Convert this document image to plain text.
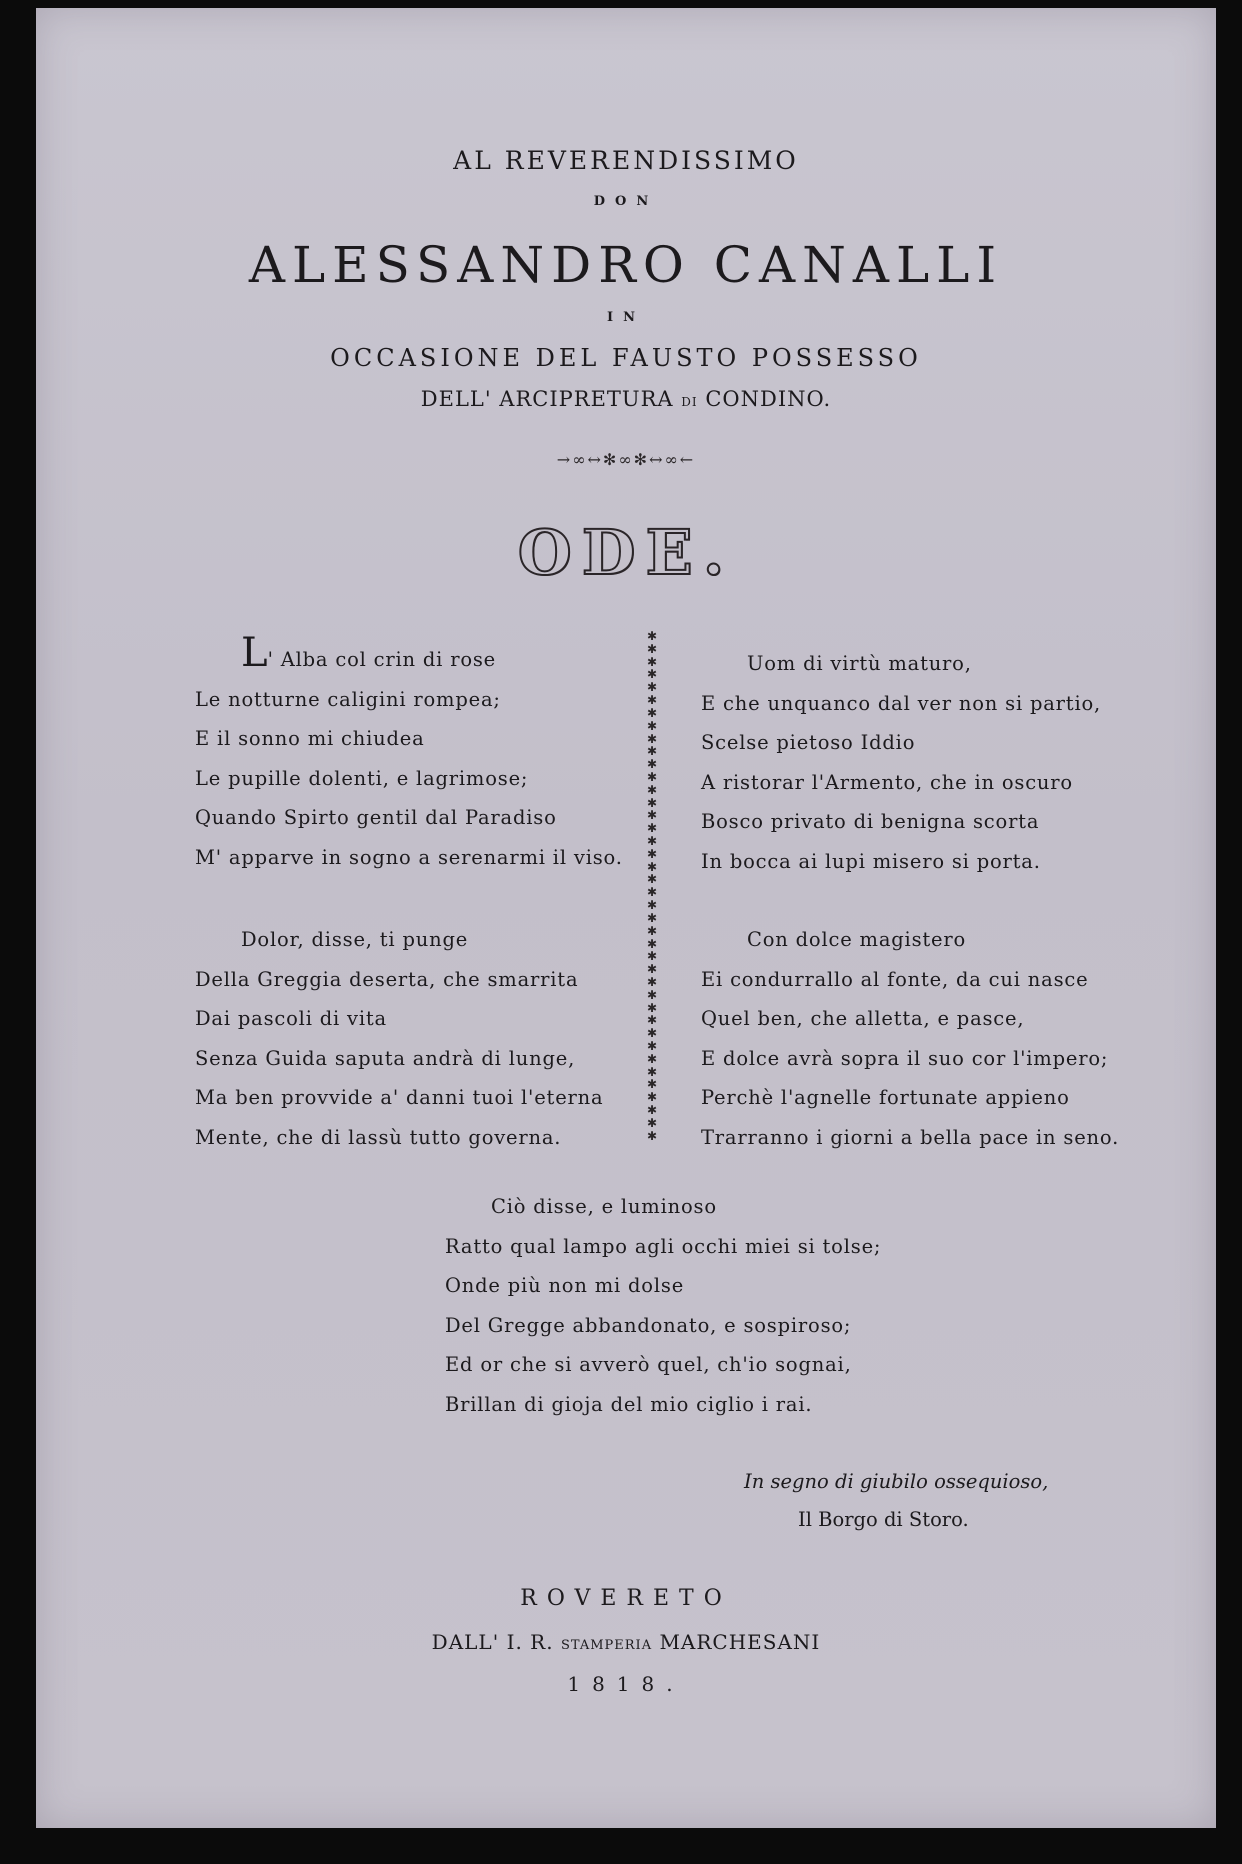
AL REVERENDISSIMO
DON
ALESSANDRO CANALLI
IN
OCCASIONE DEL FAUSTO POSSESSO
DELL' ARCIPRETURA DI CONDINO.
→∞↔✻∞✻↔∞←
ODE.
L' Alba col crin di rose
Le notturne caligini rompea;
E il sonno mi chiudea
Le pupille dolenti, e lagrimose;
Quando Spirto gentil dal Paradiso
M' apparve in sogno a serenarmi il viso.
Dolor, disse, ti punge
Della Greggia deserta, che smarrita
Dai pascoli di vita
Senza Guida saputa andrà di lunge,
Ma ben provvide a' danni tuoi l'eterna
Mente, che di lassù tutto governa.
✱
✱
✱
✱
✱
✱
✱
✱
✱
✱
✱
✱
✱
✱
✱
✱
✱
✱
✱
✱
✱
✱
✱
✱
✱
✱
✱
✱
✱
✱
✱
✱
✱
✱
✱
✱
✱
✱
✱
✱
Uom di virtù maturo,
E che unquanco dal ver non si partio,
Scelse pietoso Iddio
A ristorar l'Armento, che in oscuro
Bosco privato di benigna scorta
In bocca ai lupi misero si porta.
Con dolce magistero
Ei condurrallo al fonte, da cui nasce
Quel ben, che alletta, e pasce,
E dolce avrà sopra il suo cor l'impero;
Perchè l'agnelle fortunate appieno
Trarranno i giorni a bella pace in seno.
Ciò disse, e luminoso
Ratto qual lampo agli occhi miei si tolse;
Onde più non mi dolse
Del Gregge abbandonato, e sospiroso;
Ed or che si avverò quel, ch'io sognai,
Brillan di gioja del mio ciglio i rai.
In segno di giubilo ossequioso,
Il Borgo di Storo.
ROVERETO
DALL' I. R. STAMPERIA MARCHESANI
1818.
